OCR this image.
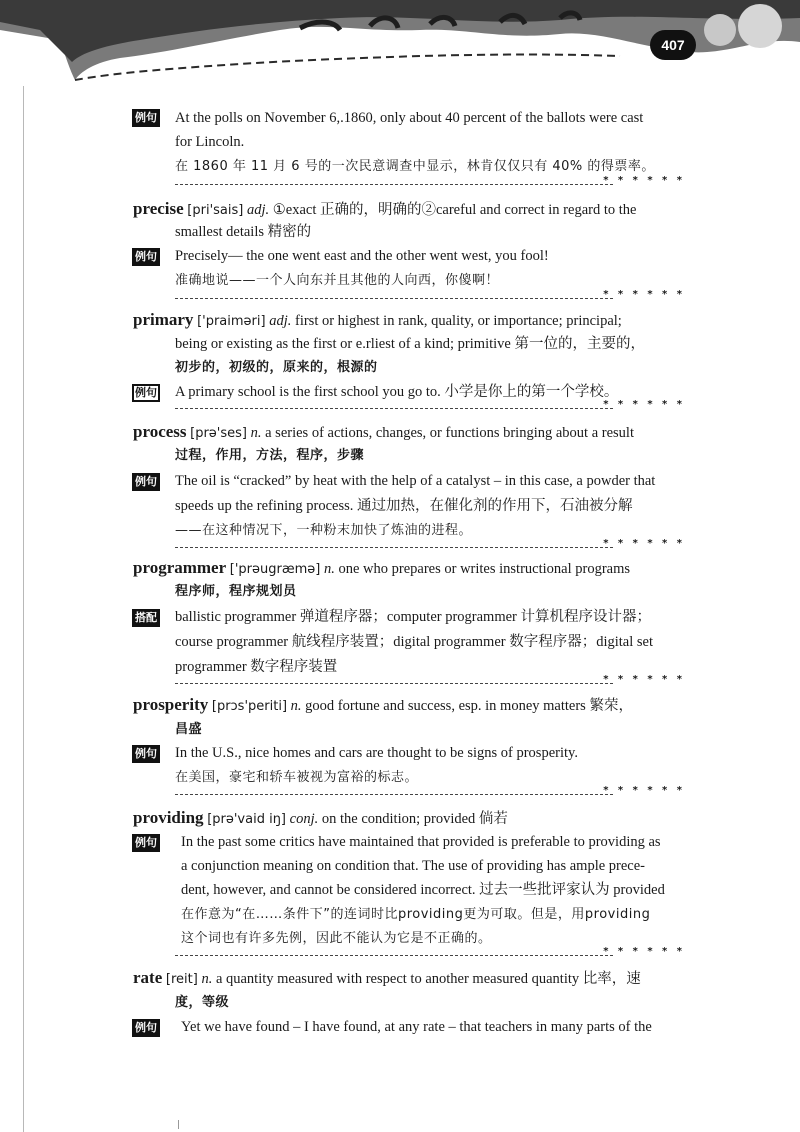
407
例句 At the polls on November 6,.1860, only about 40 percent of the ballots were cast
for Lincoln.
在 1860 年 11 月 6 号的一次民意调查中显示，林肯仅仅只有 40% 的得票率。
* * * * * *
precise [pri'sais] adj. ①exact 正确的，明确的②careful and correct in regard to the
smallest details 精密的
例句 Precisely— the one went east and the other went west, you fool!
准确地说——一个人向东并且其他的人向西，你傻啊！
* * * * * *
primary ['praiməri] adj. first or highest in rank, quality, or importance; principal;
being or existing as the first or e.rliest of a kind; primitive 第一位的，主要的，
初步的，初级的，原来的，根源的
例句 A primary school is the first school you go to. 小学是你上的第一个学校。
* * * * * *
process [prə'ses] n. a series of actions, changes, or functions bringing about a result
过程，作用，方法，程序，步骤
例句 The oil is “cracked” by heat with the help of a catalyst – in this case, a powder that
speeds up the refining process. 通过加热，在催化剂的作用下，石油被分解
——在这种情况下，一种粉末加快了炼油的进程。
* * * * * *
programmer ['prəugræmə] n. one who prepares or writes instructional programs
程序师，程序规划员
搭配 ballistic programmer 弹道程序器；computer programmer 计算机程序设计器；
course programmer 航线程序装置；digital programmer 数字程序器；digital set
programmer 数字程序装置
* * * * * *
prosperity [prɔs'periti] n. good fortune and success, esp. in money matters 繁荣，
昌盛
例句 In the U.S., nice homes and cars are thought to be signs of prosperity.
在美国，豪宅和轿车被视为富裕的标志。
* * * * * *
providing [prə'vaid iŋ] conj. on the condition; provided 倘若
例句 In the past some critics have maintained that provided is preferable to providing as
a conjunction meaning on condition that. The use of providing has ample prece-
dent, however, and cannot be considered incorrect. 过去一些批评家认为 provided
在作意为“在……条件下”的连词时比providing更为可取。但是，用providing
这个词也有许多先例，因此不能认为它是不正确的。
* * * * * *
rate [reit] n. a quantity measured with respect to another measured quantity 比率，速
度，等级
例句 Yet we have found – I have found, at any rate – that teachers in many parts of the
